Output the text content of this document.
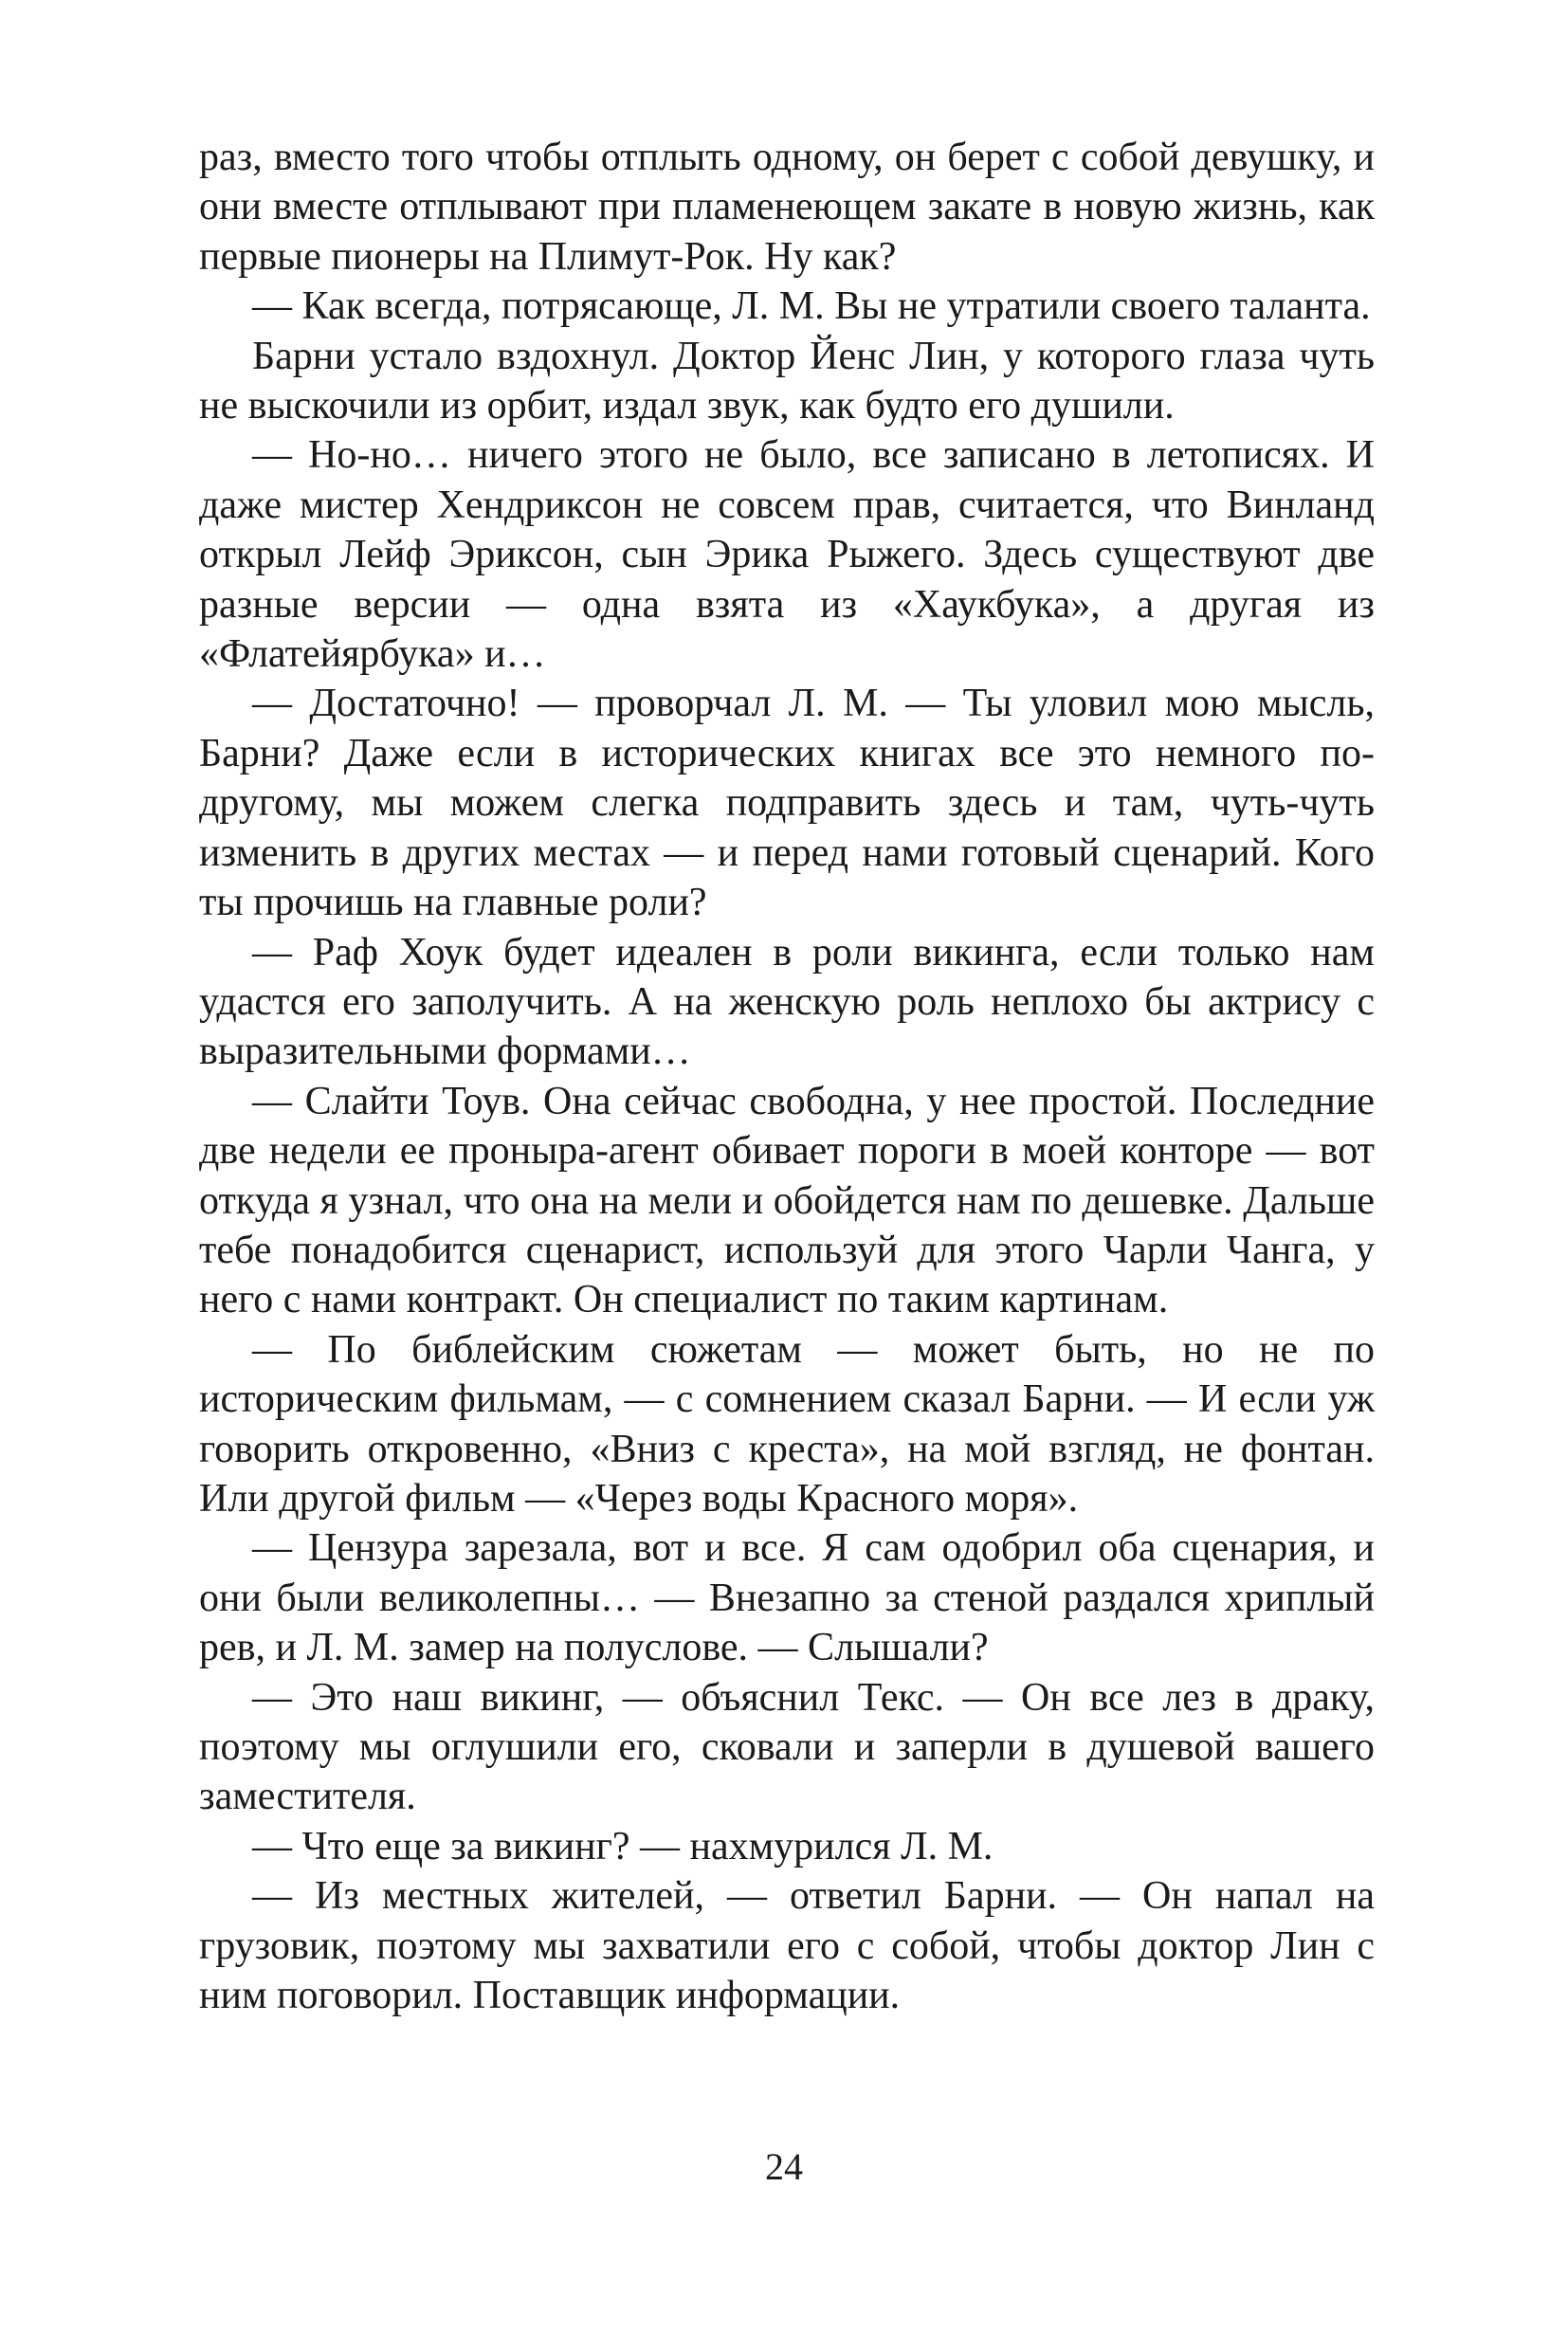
раз, вместо того чтобы отплыть одному, он берет с собой девушку, и они вместе отплывают при пламенеющем закате в новую жизнь, как первые пионеры на Плимут-Рок. Ну как?

— Как всегда, потрясающе, Л. М. Вы не утратили своего таланта.

Барни устало вздохнул. Доктор Йенс Лин, у которого глаза чуть не выскочили из орбит, издал звук, как будто его душили.

— Но-но… ничего этого не было, все записано в летописях. И даже мистер Хендриксон не совсем прав, считается, что Винланд открыл Лейф Эриксон, сын Эрика Рыжего. Здесь существуют две разные версии — одна взята из «Хаукбука», а другая из «Флатейярбука» и…

— Достаточно! — проворчал Л. М. — Ты уловил мою мысль, Барни? Даже если в исторических книгах все это немного по-другому, мы можем слегка подправить здесь и там, чуть-чуть изменить в других местах — и перед нами готовый сценарий. Кого ты прочишь на главные роли?

— Раф Хоук будет идеален в роли викинга, если только нам удастся его заполучить. А на женскую роль неплохо бы актрису с выразительными формами…

— Слайти Тоув. Она сейчас свободна, у нее простой. Последние две недели ее проныра-агент обивает пороги в моей конторе — вот откуда я узнал, что она на мели и обойдется нам по дешевке. Дальше тебе понадобится сценарист, используй для этого Чарли Чанга, у него с нами контракт. Он специалист по таким картинам.

— По библейским сюжетам — может быть, но не по историческим фильмам, — с сомнением сказал Барни. — И если уж говорить откровенно, «Вниз с креста», на мой взгляд, не фонтан. Или другой фильм — «Через воды Красного моря».

— Цензура зарезала, вот и все. Я сам одобрил оба сценария, и они были великолепны… — Внезапно за стеной раздался хриплый рев, и Л. М. замер на полуслове. — Слышали?

— Это наш викинг, — объяснил Текс. — Он все лез в драку, поэтому мы оглушили его, сковали и заперли в душевой вашего заместителя.

— Что еще за викинг? — нахмурился Л. М.

— Из местных жителей, — ответил Барни. — Он напал на грузовик, поэтому мы захватили его с собой, чтобы доктор Лин с ним поговорил. Поставщик информации.

24
